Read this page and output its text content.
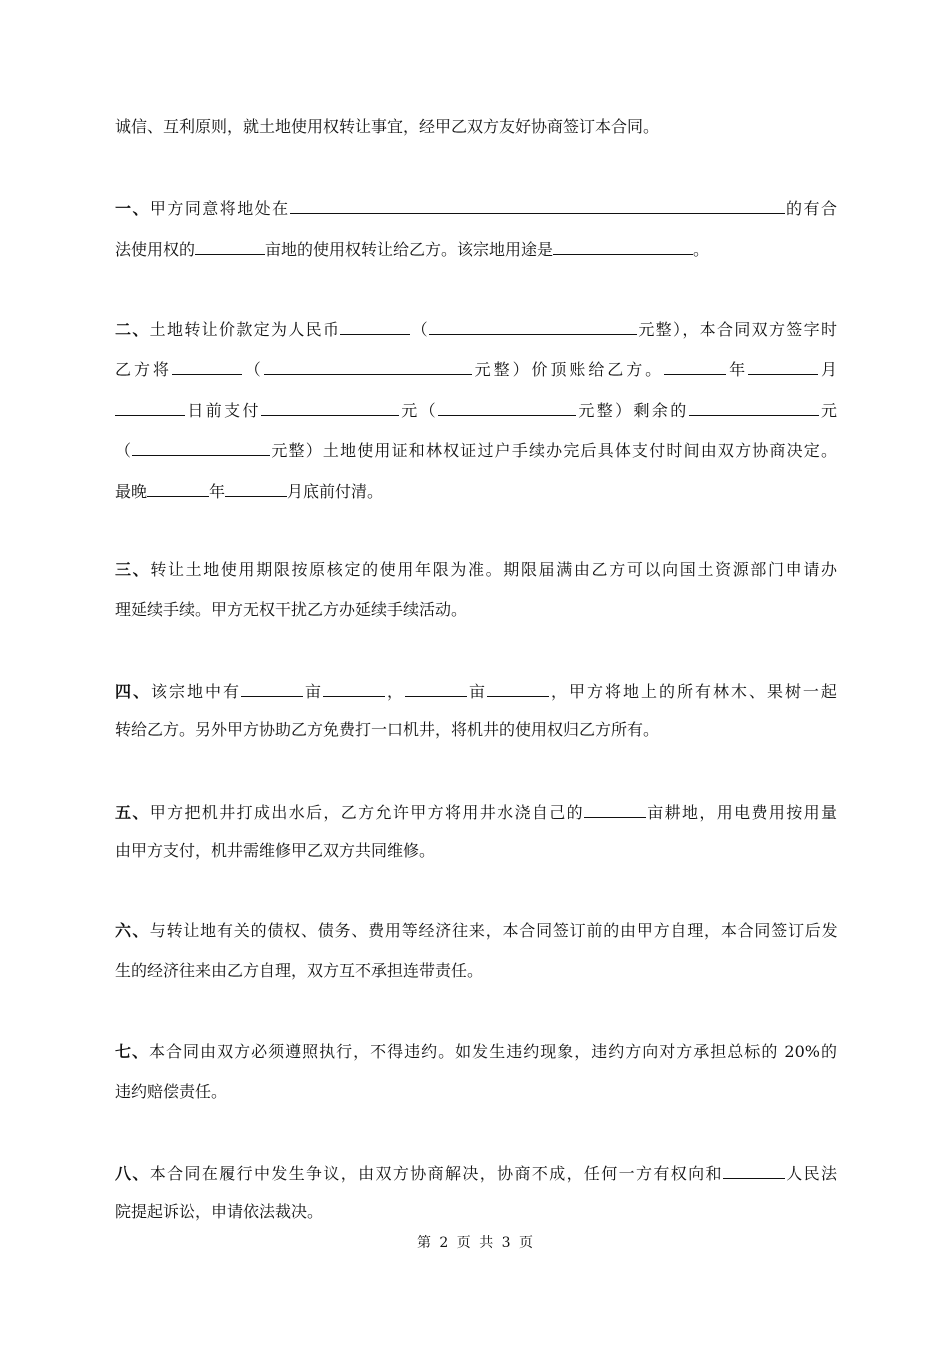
诚信、互利原则，就土地使用权转让事宜，经甲乙双方友好协商签订本合同。
一、甲方同意将地处在	的有合
法使用权的	亩地的使用权转让给乙方。该宗地用途是	。
二、土地转让价款定为人民币	（	元整），本合同双方签字时
乙方将	（	元整）价顶账给乙方。	年	月
日前支付	元（	元整）剩余的	元
（	元整）土地使用证和林权证过户手续办完后具体支付时间由双方协商决定。
最晚	年	月底前付清。
三、转让土地使用期限按原核定的使用年限为准。期限届满由乙方可以向国土资源部门申请办
理延续手续。甲方无权干扰乙方办延续手续活动。
四、该宗地中有	亩	，	亩	，甲方将地上的所有林木、果树一起
转给乙方。另外甲方协助乙方免费打一口机井，将机井的使用权归乙方所有。
五、甲方把机井打成出水后，乙方允许甲方将用井水浇自己的	亩耕地，用电费用按用量
由甲方支付，机井需维修甲乙双方共同维修。
六、与转让地有关的债权、债务、费用等经济往来，本合同签订前的由甲方自理，本合同签订后发
生的经济往来由乙方自理，双方互不承担连带责任。
七、本合同由双方必须遵照执行，不得违约。如发生违约现象，违约方向对方承担总标的 20%的
违约赔偿责任。
八、本合同在履行中发生争议，由双方协商解决，协商不成，任何一方有权向和	人民法
院提起诉讼，申请依法裁决。
第 2 页 共 3 页
